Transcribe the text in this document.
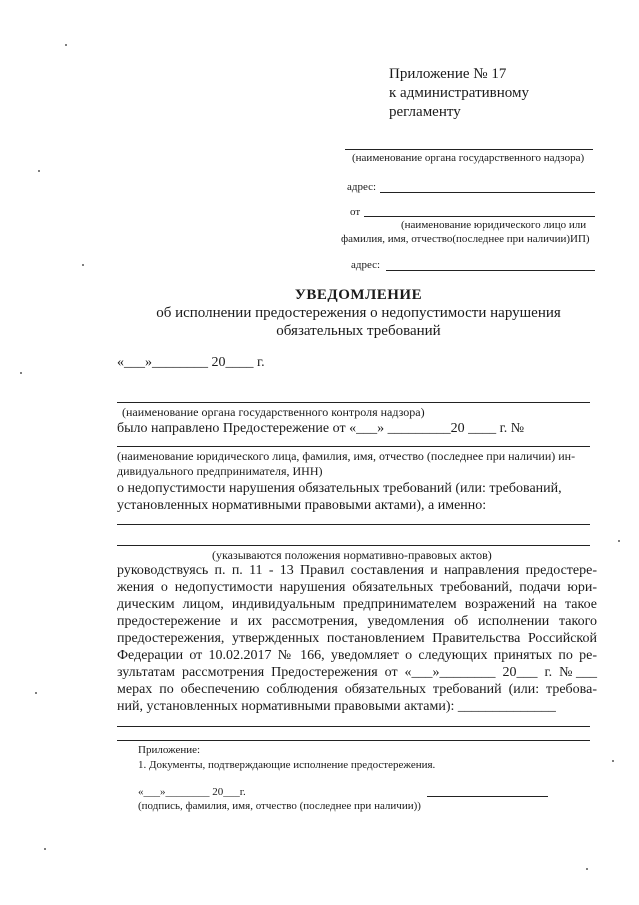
Приложение № 17
к административному
регламенту
(наименование органа государственного надзора)
адрес:
от
(наименование юридического лицо или
фамилия, имя, отчество(последнее при наличии)ИП)
адрес:
УВЕДОМЛЕНИЕ
об исполнении предостережения о недопустимости нарушения
обязательных требований
«___»________ 20____ г.
(наименование органа государственного контроля надзора)
было направлено Предостережение от «___» _________20 ____ г. №
(наименование юридического лица, фамилия, имя, отчество (последнее при наличии) ин-
дивидуального предпринимателя, ИНН)
о недопустимости нарушения обязательных требований (или: требований,
установленных нормативными правовыми актами), а именно:
(указываются положения нормативно-правовых актов)
руководствуясь п. п. 11 - 13 Правил составления и направления предостере-
жения о недопустимости нарушения обязательных требований, подачи юри-
дическим лицом, индивидуальным предпринимателем возражений на такое
предостережение и их рассмотрения, уведомления об исполнении такого
предостережения, утвержденных постановлением Правительства Российской
Федерации от 10.02.2017 № 166, уведомляет о следующих принятых по ре-
зультатам рассмотрения Предостережения от «___»________ 20___ г. №___
мерах по обеспечению соблюдения обязательных требований (или: требова-
ний, установленных нормативными правовыми актами): ______________
Приложение:
1. Документы, подтверждающие исполнение предостережения.
«___»________ 20___г.
(подпись, фамилия, имя, отчество (последнее при наличии))
